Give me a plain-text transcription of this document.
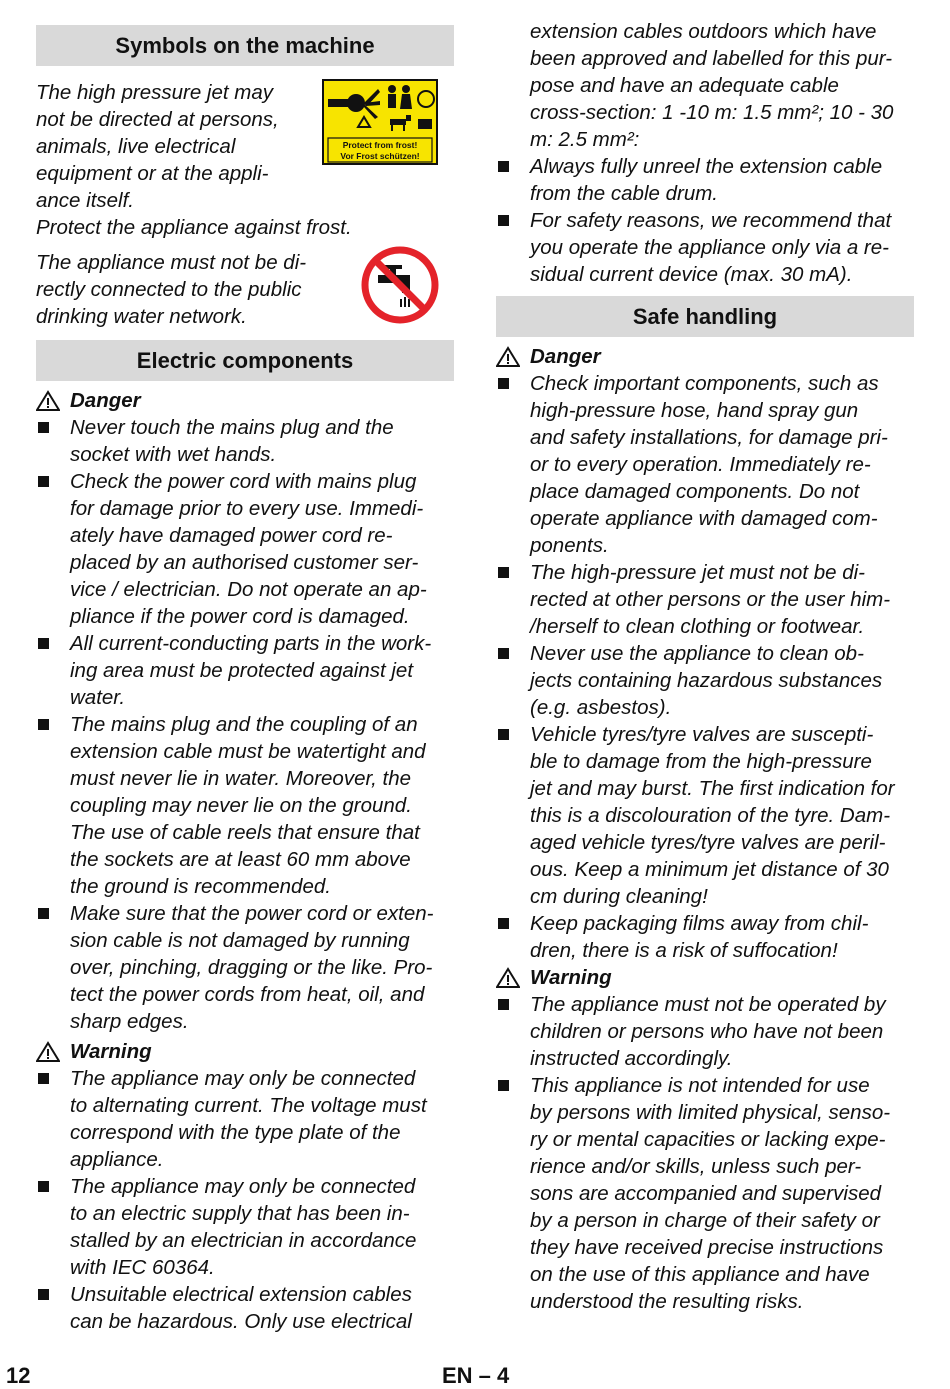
Symbols on the machine
The high pressure jet may
not be directed at persons,
animals, live electrical
equipment or at the appli-
ance itself.
Protect from frost!
Vor Frost schützen!
Protect the appliance against frost.
The appliance must not be di-
rectly connected to the public
drinking water network.
Electric components
Danger
Never touch the mains plug and the
socket with wet hands.
Check the power cord with mains plug
for damage prior to every use. Immedi-
ately have damaged power cord re-
placed by an authorised customer ser-
vice / electrician. Do not operate an ap-
pliance if the power cord is damaged.
All current-conducting parts in the work-
ing area must be protected against jet
water.
The mains plug and the coupling of an
extension cable must be watertight and
must never lie in water. Moreover, the
coupling may never lie on the ground.
The use of cable reels that ensure that
the sockets are at least 60 mm above
the ground is recommended.
Make sure that the power cord or exten-
sion cable is not damaged by running
over, pinching, dragging or the like. Pro-
tect the power cords from heat, oil, and
sharp edges.
Warning
The appliance may only be connected
to alternating current. The voltage must
correspond with the type plate of the
appliance.
The appliance may only be connected
to an electric supply that has been in-
stalled by an electrician in accordance
with IEC 60364.
Unsuitable electrical extension cables
can be hazardous. Only use electrical
extension cables outdoors which have
been approved and labelled for this pur-
pose and have an adequate cable
cross-section: 1 -10 m: 1.5 mm²; 10 - 30
m: 2.5 mm²:
Always fully unreel the extension cable
from the cable drum.
For safety reasons, we recommend that
you operate the appliance only via a re-
sidual current device (max. 30 mA).
Safe handling
Danger
Check important components, such as
high-pressure hose, hand spray gun
and safety installations, for damage pri-
or to every operation. Immediately re-
place damaged components. Do not
operate appliance with damaged com-
ponents.
The high-pressure jet must not be di-
rected at other persons or the user him-
/herself to clean clothing or footwear.
Never use the appliance to clean ob-
jects containing hazardous substances
(e.g. asbestos).
Vehicle tyres/tyre valves are suscepti-
ble to damage from the high-pressure
jet and may burst. The first indication for
this is a discolouration of the tyre. Dam-
aged vehicle tyres/tyre valves are peril-
ous. Keep a minimum jet distance of 30
cm during cleaning!
Keep packaging films away from chil-
dren, there is a risk of suffocation!
Warning
The appliance must not be operated by
children or persons who have not been
instructed accordingly.
This appliance is not intended for use
by persons with limited physical, senso-
ry or mental capacities or lacking expe-
rience and/or skills, unless such per-
sons are accompanied and supervised
by a person in charge of their safety or
they have received precise instructions
on the use of this appliance and have
understood the resulting risks.
12	EN – 4
